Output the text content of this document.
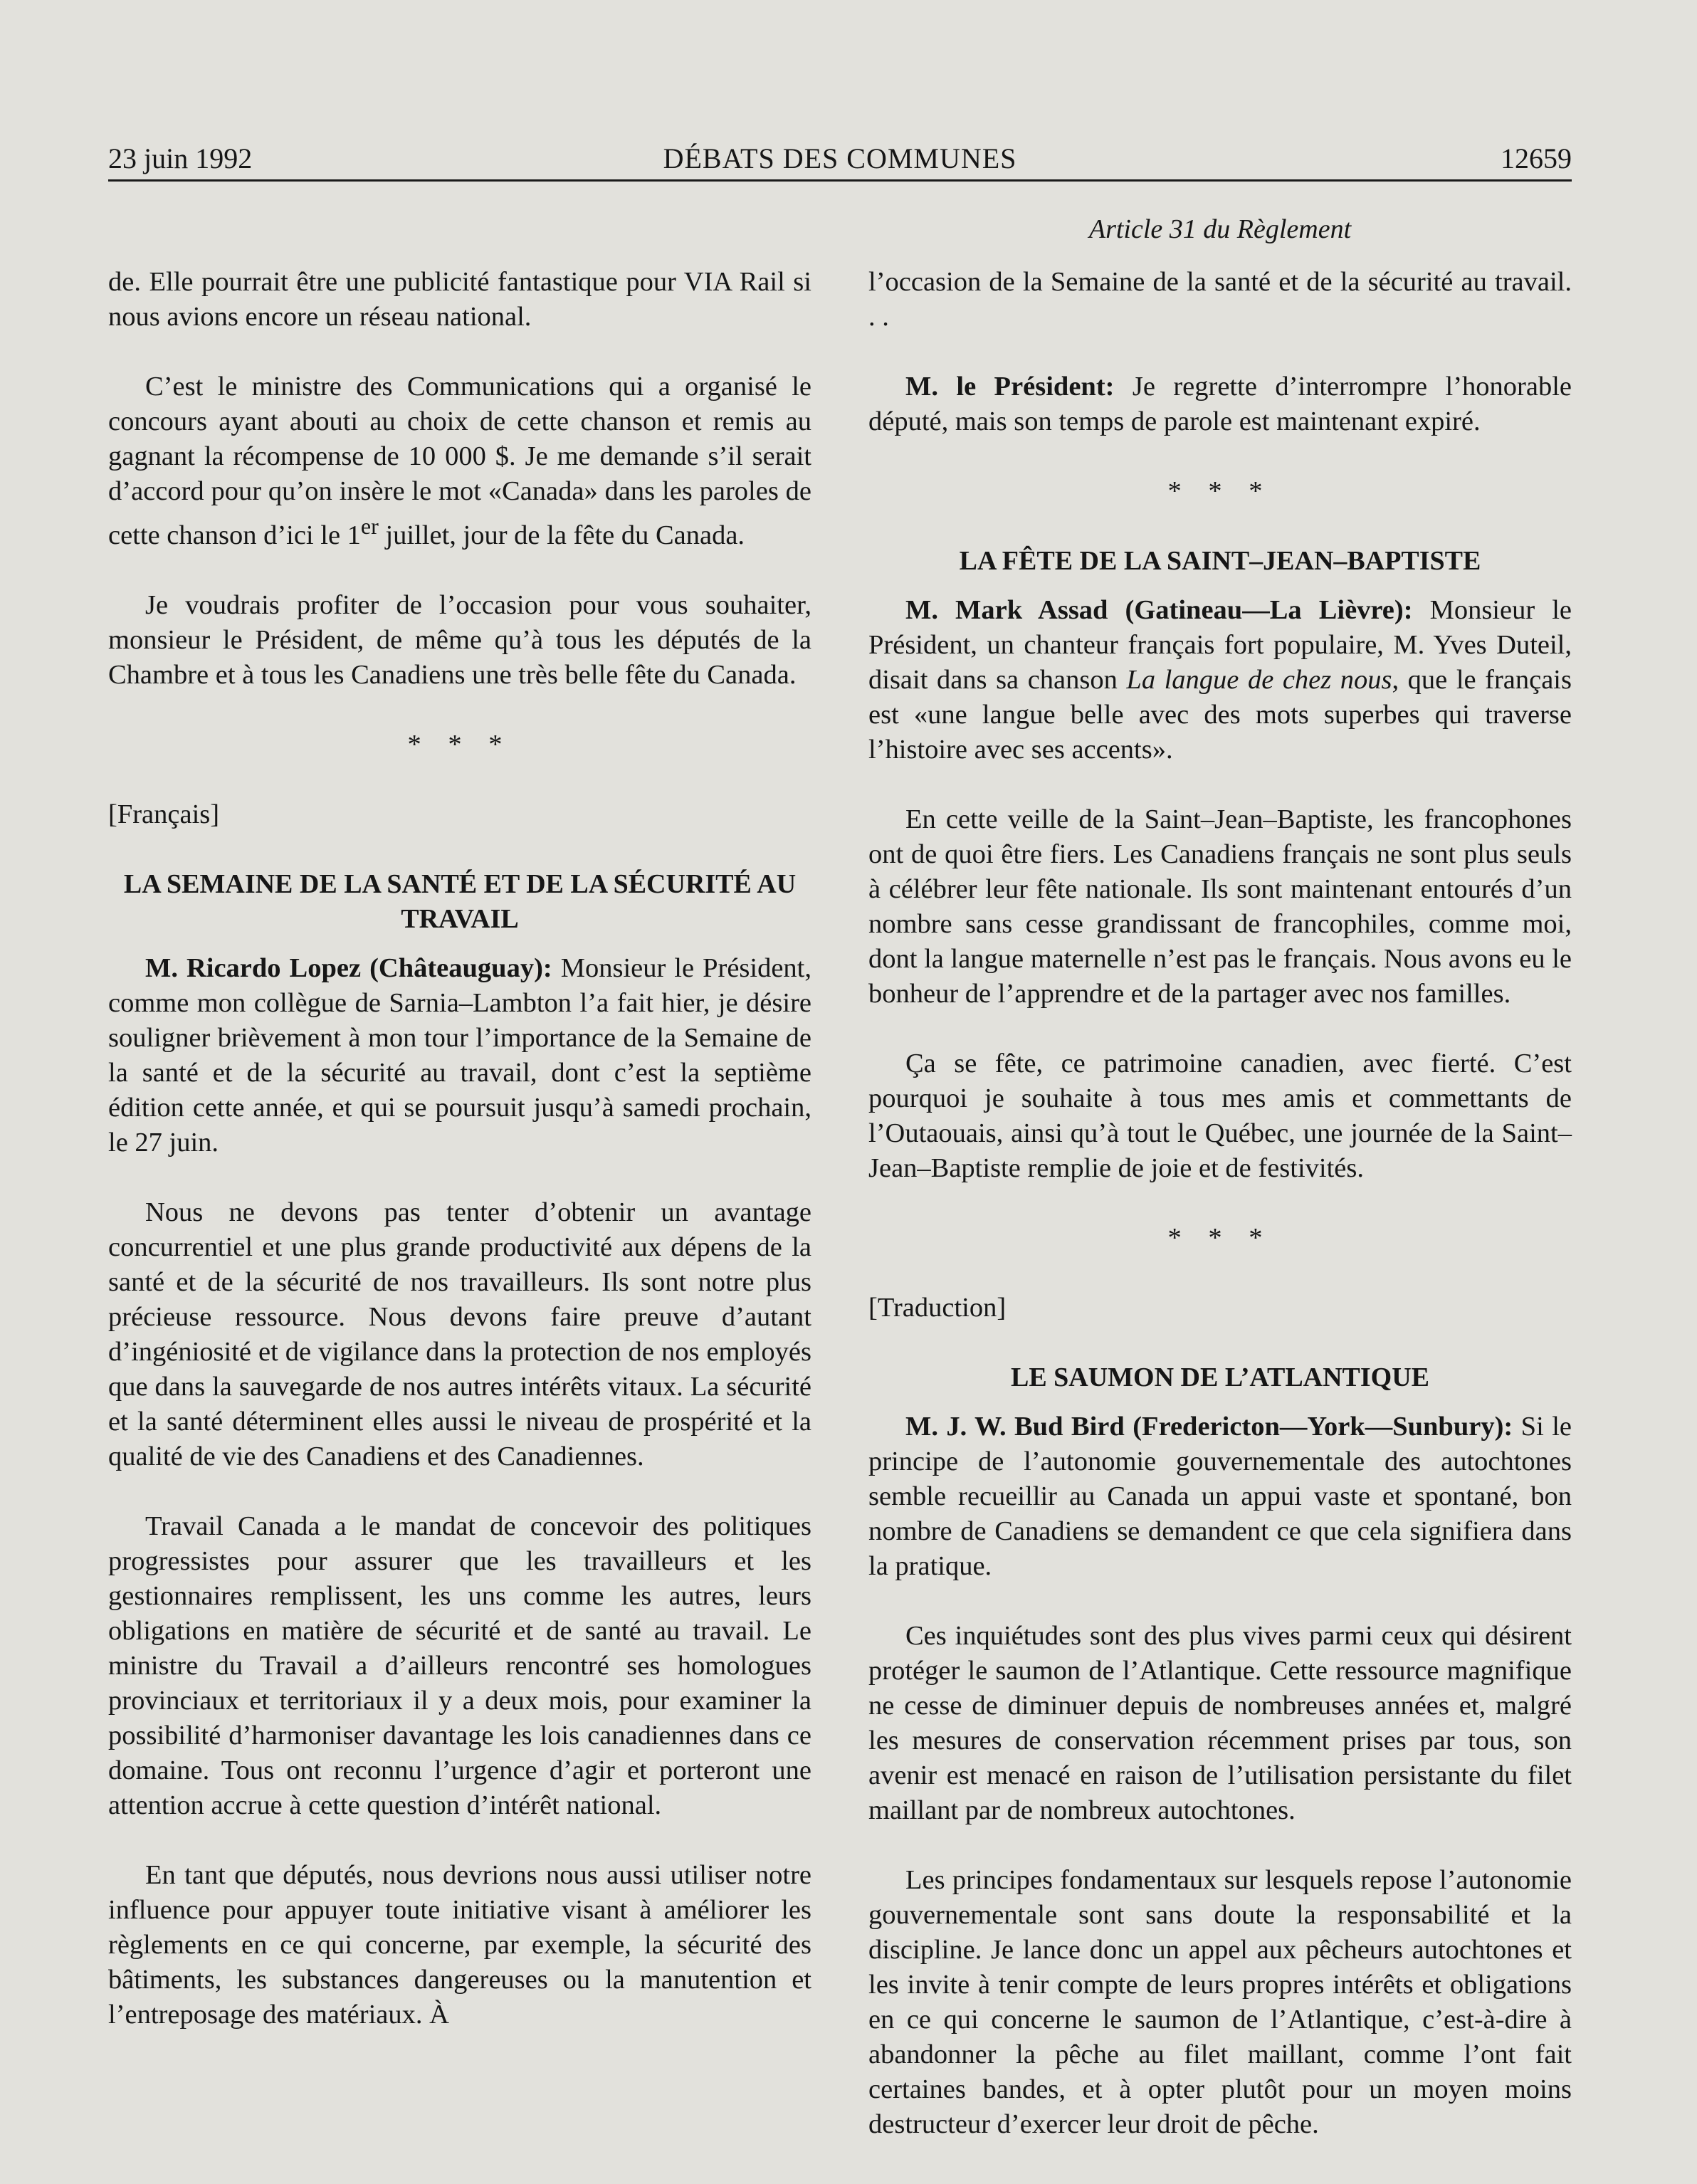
23 juin 1992	DÉBATS DES COMMUNES	12659
Article 31 du Règlement

de. Elle pourrait être une publicité fantastique pour VIA Rail si nous avions encore un réseau national.

C’est le ministre des Communications qui a organisé le concours ayant abouti au choix de cette chanson et remis au gagnant la récompense de 10 000 $. Je me demande s’il serait d’accord pour qu’on insère le mot «Canada» dans les paroles de cette chanson d’ici le 1er juillet, jour de la fête du Canada.

Je voudrais profiter de l’occasion pour vous souhaiter, monsieur le Président, de même qu’à tous les députés de la Chambre et à tous les Canadiens une très belle fête du Canada.

* * *
[Français]
LA SEMAINE DE LA SANTÉ ET DE LA SÉCURITÉ AU TRAVAIL

M. Ricardo Lopez (Châteauguay): Monsieur le Président, comme mon collègue de Sarnia–Lambton l’a fait hier, je désire souligner brièvement à mon tour l’importance de la Semaine de la santé et de la sécurité au travail, dont c’est la septième édition cette année, et qui se poursuit jusqu’à samedi prochain, le 27 juin.

Nous ne devons pas tenter d’obtenir un avantage concurrentiel et une plus grande productivité aux dépens de la santé et de la sécurité de nos travailleurs. Ils sont notre plus précieuse ressource. Nous devons faire preuve d’autant d’ingéniosité et de vigilance dans la protection de nos employés que dans la sauvegarde de nos autres intérêts vitaux. La sécurité et la santé déterminent elles aussi le niveau de prospérité et la qualité de vie des Canadiens et des Canadiennes.

Travail Canada a le mandat de concevoir des politiques progressistes pour assurer que les travailleurs et les gestionnaires remplissent, les uns comme les autres, leurs obligations en matière de sécurité et de santé au travail. Le ministre du Travail a d’ailleurs rencontré ses homologues provinciaux et territoriaux il y a deux mois, pour examiner la possibilité d’harmoniser davantage les lois canadiennes dans ce domaine. Tous ont reconnu l’urgence d’agir et porteront une attention accrue à cette question d’intérêt national.

En tant que députés, nous devrions nous aussi utiliser notre influence pour appuyer toute initiative visant à améliorer les règlements en ce qui concerne, par exemple, la sécurité des bâtiments, les substances dangereuses ou la manutention et l’entreposage des matériaux. À

l’occasion de la Semaine de la santé et de la sécurité au travail. . .

M. le Président: Je regrette d’interrompre l’honorable député, mais son temps de parole est maintenant expiré.

* * *
LA FÊTE DE LA SAINT–JEAN–BAPTISTE

M. Mark Assad (Gatineau—La Lièvre): Monsieur le Président, un chanteur français fort populaire, M. Yves Duteil, disait dans sa chanson La langue de chez nous, que le français est «une langue belle avec des mots superbes qui traverse l’histoire avec ses accents».

En cette veille de la Saint–Jean–Baptiste, les francophones ont de quoi être fiers. Les Canadiens français ne sont plus seuls à célébrer leur fête nationale. Ils sont maintenant entourés d’un nombre sans cesse grandissant de francophiles, comme moi, dont la langue maternelle n’est pas le français. Nous avons eu le bonheur de l’apprendre et de la partager avec nos familles.

Ça se fête, ce patrimoine canadien, avec fierté. C’est pourquoi je souhaite à tous mes amis et commettants de l’Outaouais, ainsi qu’à tout le Québec, une journée de la Saint–Jean–Baptiste remplie de joie et de festivités.

* * *
[Traduction]
LE SAUMON DE L’ATLANTIQUE

M. J. W. Bud Bird (Fredericton—York—Sunbury): Si le principe de l’autonomie gouvernementale des autochtones semble recueillir au Canada un appui vaste et spontané, bon nombre de Canadiens se demandent ce que cela signifiera dans la pratique.

Ces inquiétudes sont des plus vives parmi ceux qui désirent protéger le saumon de l’Atlantique. Cette ressource magnifique ne cesse de diminuer depuis de nombreuses années et, malgré les mesures de conservation récemment prises par tous, son avenir est menacé en raison de l’utilisation persistante du filet maillant par de nombreux autochtones.

Les principes fondamentaux sur lesquels repose l’autonomie gouvernementale sont sans doute la responsabilité et la discipline. Je lance donc un appel aux pêcheurs autochtones et les invite à tenir compte de leurs propres intérêts et obligations en ce qui concerne le saumon de l’Atlantique, c’est-à-dire à abandonner la pêche au filet maillant, comme l’ont fait certaines bandes, et à opter plutôt pour un moyen moins destructeur d’exercer leur droit de pêche.
